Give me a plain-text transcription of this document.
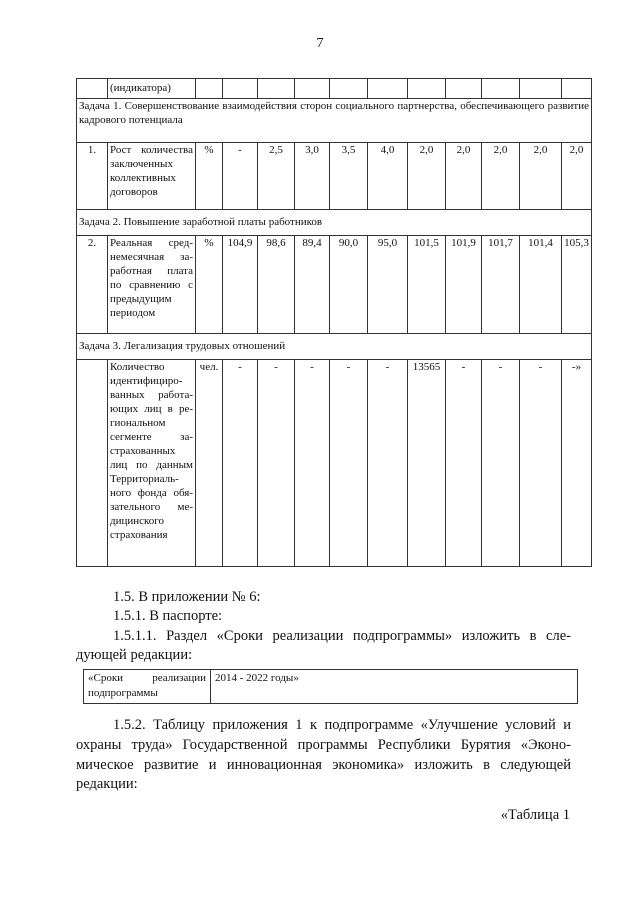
7
	(индикатора)											
Задача 1. Совершенствование взаимодействия сторон социального партнерства, обеспечивающего развитие кадрового потенциала												
1.	Рост количества заключенных коллективных договоров	%	-	2,5	3,0	3,5	4,0	2,0	2,0	2,0	2,0	2,0
Задача 2. Повышение заработной платы работников												
2.	Реальная сред-немесячная за-работная плата по сравнению с предыдущим периодом	%	104,9	98,6	89,4	90,0	95,0	101,5	101,9	101,7	101,4	105,3
Задача 3. Легализация трудовых отношений												
	Количество идентифициро-ванных работа-ющих лиц в ре-гиональном сегменте за-страхованных лиц по данным Территориаль-ного фонда обя-зательного ме-дицинского страхования	чел.	-	-	-	-	-	13565	-	-	-	-»
1.5. В приложении № 6:
1.5.1. В паспорте:
1.5.1.1. Раздел «Сроки реализации подпрограммы» изложить в сле-
дующей редакции:
«Сроки реализации подпрограммы	2014 - 2022 годы»
1.5.2. Таблицу приложения 1 к подпрограмме «Улучшение условий и
охраны труда» Государственной программы Республики Бурятия «Эконо-
мическое развитие и инновационная экономика» изложить в следующей
редакции:
«Таблица 1
